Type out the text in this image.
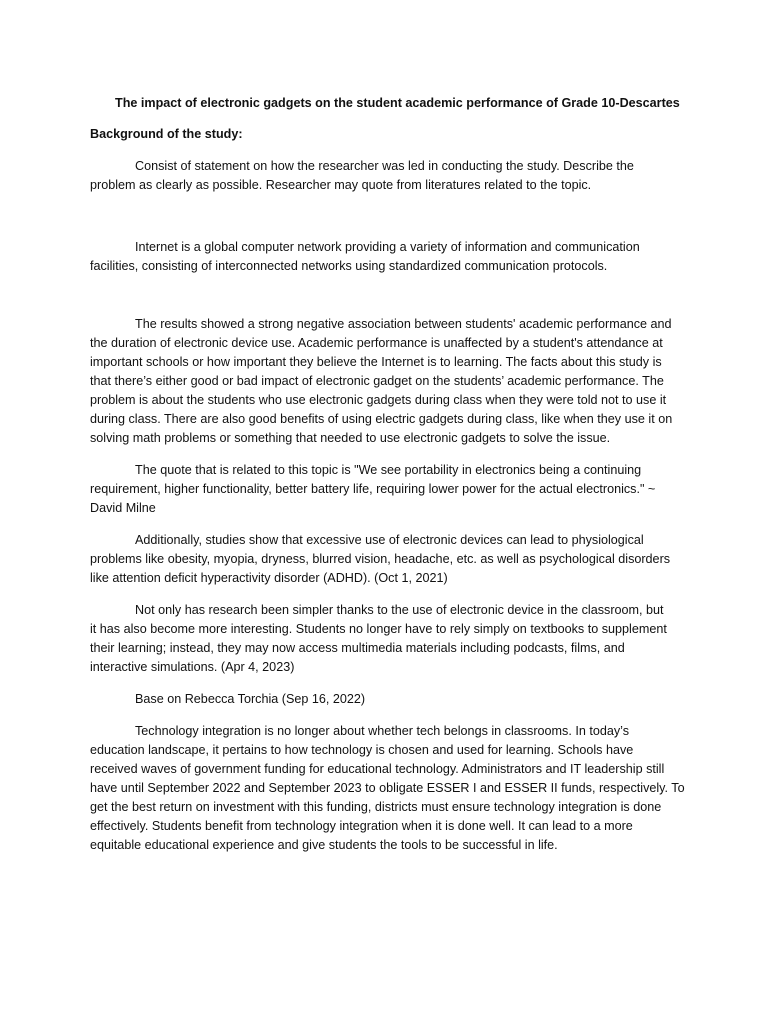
The impact of electronic gadgets on the student academic performance of Grade 10-Descartes
Background of the study:
Consist of statement on how the researcher was led in conducting the study. Describe the
problem as clearly as possible. Researcher may quote from literatures related to the topic.
Internet is a global computer network providing a variety of information and communication
facilities, consisting of interconnected networks using standardized communication protocols.
The results showed a strong negative association between students' academic performance and
the duration of electronic device use. Academic performance is unaffected by a student's attendance at
important schools or how important they believe the Internet is to learning. The facts about this study is
that there’s either good or bad impact of electronic gadget on the students’ academic performance. The
problem is about the students who use electronic gadgets during class when they were told not to use it
during class. There are also good benefits of using electric gadgets during class, like when they use it on
solving math problems or something that needed to use electronic gadgets to solve the issue.
The quote that is related to this topic is "We see portability in electronics being a continuing
requirement, higher functionality, better battery life, requiring lower power for the actual electronics." ~
David Milne
Additionally, studies show that excessive use of electronic devices can lead to physiological
problems like obesity, myopia, dryness, blurred vision, headache, etc. as well as psychological disorders
like attention deficit hyperactivity disorder (ADHD). (Oct 1, 2021)
Not only has research been simpler thanks to the use of electronic device in the classroom, but
it has also become more interesting. Students no longer have to rely simply on textbooks to supplement
their learning; instead, they may now access multimedia materials including podcasts, films, and
interactive simulations. (Apr 4, 2023)
Base on Rebecca Torchia (Sep 16, 2022)
Technology integration is no longer about whether tech belongs in classrooms. In today’s
education landscape, it pertains to how technology is chosen and used for learning. Schools have
received waves of government funding for educational technology. Administrators and IT leadership still
have until September 2022 and September 2023 to obligate ESSER I and ESSER II funds, respectively. To
get the best return on investment with this funding, districts must ensure technology integration is done
effectively. Students benefit from technology integration when it is done well. It can lead to a more
equitable educational experience and give students the tools to be successful in life.
